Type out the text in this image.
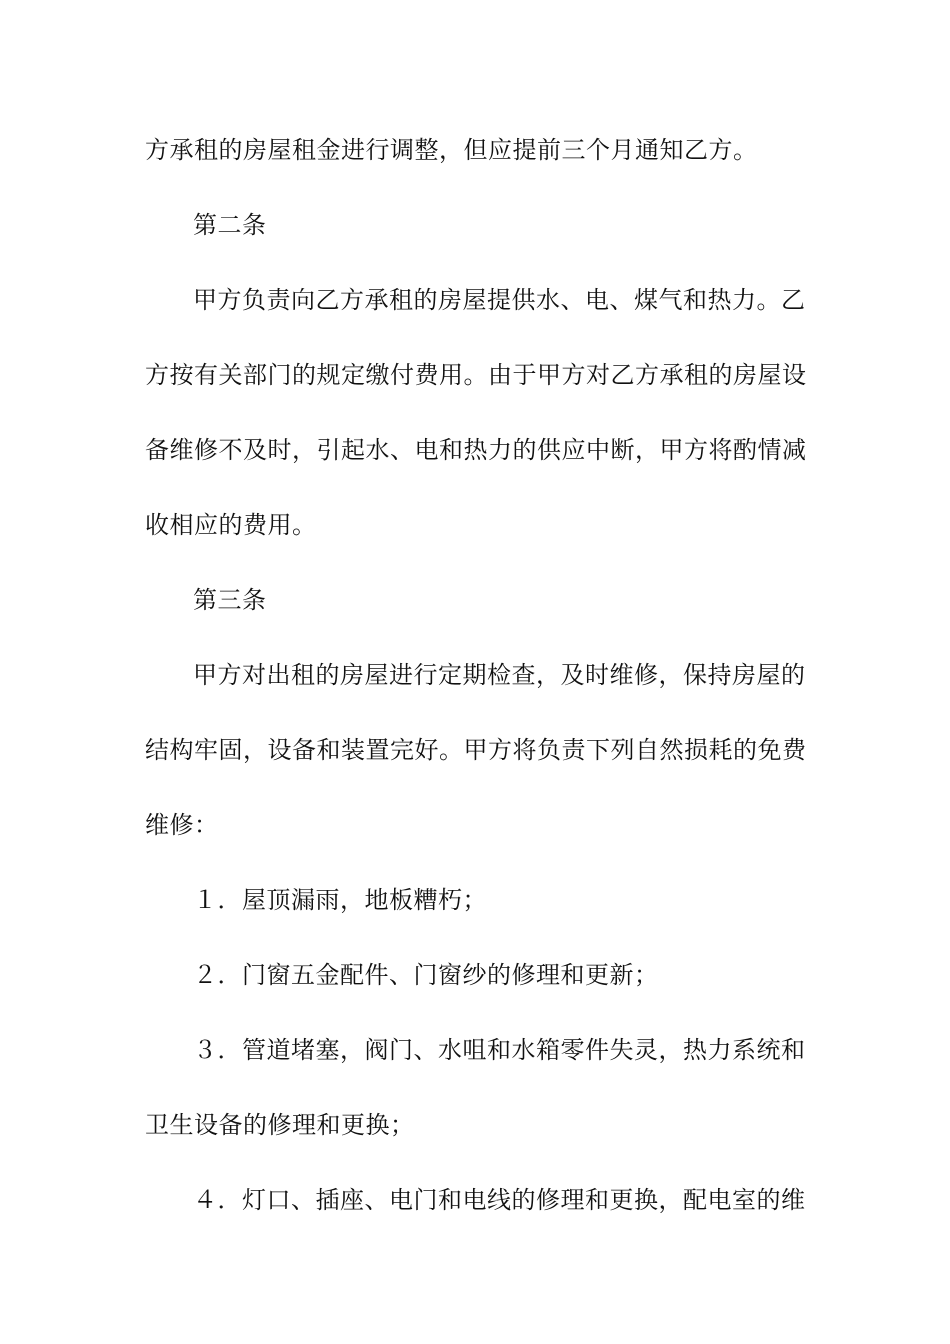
方承租的房屋租金进行调整，但应提前三个月通知乙方。
第二条
甲方负责向乙方承租的房屋提供水、电、煤气和热力。乙
方按有关部门的规定缴付费用。由于甲方对乙方承租的房屋设
备维修不及时，引起水、电和热力的供应中断，甲方将酌情减
收相应的费用。
第三条
甲方对出租的房屋进行定期检查，及时维修，保持房屋的
结构牢固，设备和装置完好。甲方将负责下列自然损耗的免费
维修：
１．屋顶漏雨，地板糟朽；
２．门窗五金配件、门窗纱的修理和更新；
３．管道堵塞，阀门、水咀和水箱零件失灵，热力系统和
卫生设备的修理和更换；
４．灯口、插座、电门和电线的修理和更换，配电室的维
